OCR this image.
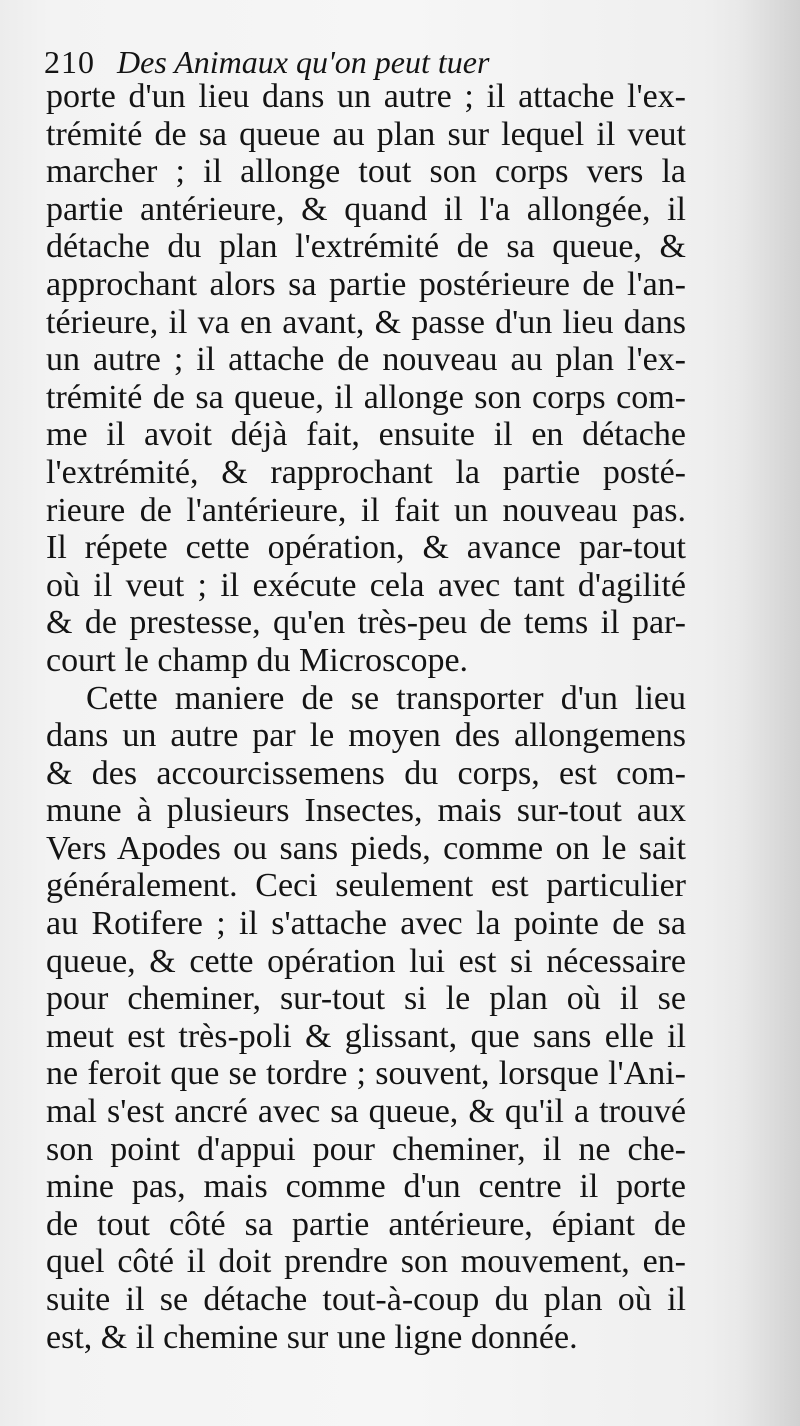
210 Des Animaux qu'on peut tuer
porte d'un lieu dans un autre ; il attache l'ex-
trémité de sa queue au plan sur lequel il veut
marcher ; il allonge tout son corps vers la
partie antérieure, & quand il l'a allongée, il
détache du plan l'extrémité de sa queue, &
approchant alors sa partie postérieure de l'an-
térieure, il va en avant, & passe d'un lieu dans
un autre ; il attache de nouveau au plan l'ex-
trémité de sa queue, il allonge son corps com-
me il avoit déjà fait, ensuite il en détache
l'extrémité, & rapprochant la partie posté-
rieure de l'antérieure, il fait un nouveau pas.
Il répete cette opération, & avance par-tout
où il veut ; il exécute cela avec tant d'agilité
& de prestesse, qu'en très-peu de tems il par-
court le champ du Microscope.
Cette maniere de se transporter d'un lieu
dans un autre par le moyen des allongemens
& des accourcissemens du corps, est com-
mune à plusieurs Insectes, mais sur-tout aux
Vers Apodes ou sans pieds, comme on le sait
généralement. Ceci seulement est particulier
au Rotifere ; il s'attache avec la pointe de sa
queue, & cette opération lui est si nécessaire
pour cheminer, sur-tout si le plan où il se
meut est très-poli & glissant, que sans elle il
ne feroit que se tordre ; souvent, lorsque l'Ani-
mal s'est ancré avec sa queue, & qu'il a trouvé
son point d'appui pour cheminer, il ne che-
mine pas, mais comme d'un centre il porte
de tout côté sa partie antérieure, épiant de
quel côté il doit prendre son mouvement, en-
suite il se détache tout-à-coup du plan où il
est, & il chemine sur une ligne donnée.
